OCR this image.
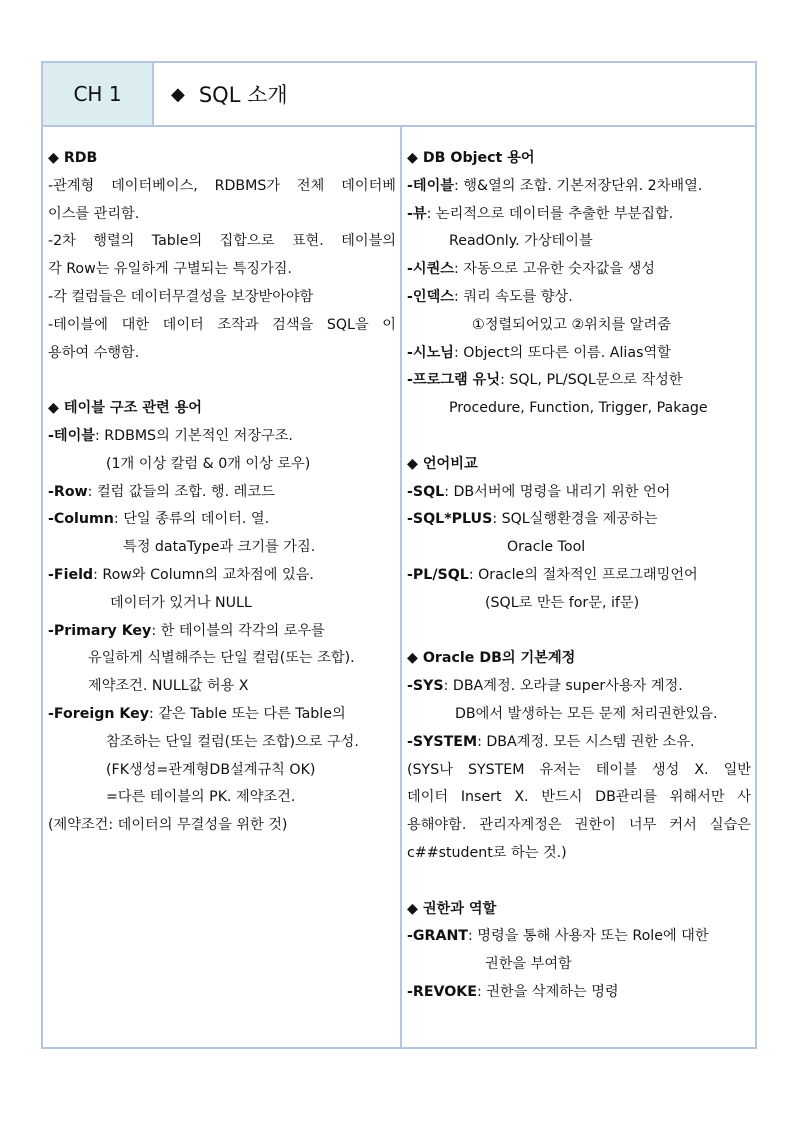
CH 1	◆ SQL 소개
◆ RDB
-관계형 데이터베이스, RDBMS가 전체 데이터베
이스를 관리함.
-2차 행렬의 Table의 집합으로 표현. 테이블의
각 Row는 유일하게 구별되는 특징가짐.
-각 컬럼들은 데이터무결성을 보장받아야함
-테이블에 대한 데이터 조작과 검색을 SQL을 이
용하여 수행함.
◆ 테이블 구조 관련 용어
-테이블: RDBMS의 기본적인 저장구조.
(1개 이상 칼럼 & 0개 이상 로우)
-Row: 컬럼 값들의 조합. 행. 레코드
-Column: 단일 종류의 데이터. 열.
특정 dataType과 크기를 가짐.
-Field: Row와 Column의 교차점에 있음.
데이터가 있거나 NULL
-Primary Key: 한 테이블의 각각의 로우를
유일하게 식별해주는 단일 컬럼(또는 조합).
제약조건. NULL값 허용 X
-Foreign Key: 같은 Table 또는 다른 Table의
참조하는 단일 컬럼(또는 조합)으로 구성.
(FK생성=관계형DB설계규칙 OK)
=다른 테이블의 PK. 제약조건.
(제약조건: 데이터의 무결성을 위한 것)
◆ DB Object 용어
-테이블: 행&열의 조합. 기본저장단위. 2차배열.
-뷰: 논리적으로 데이터를 추출한 부분집합.
ReadOnly. 가상테이블
-시퀀스: 자동으로 고유한 숫자값을 생성
-인덱스: 쿼리 속도를 향상.
①정렬되어있고 ②위치를 알려줌
-시노님: Object의 또다른 이름. Alias역할
-프로그램 유닛: SQL, PL/SQL문으로 작성한
Procedure, Function, Trigger, Pakage
◆ 언어비교
-SQL: DB서버에 명령을 내리기 위한 언어
-SQL*PLUS: SQL실행환경을 제공하는
Oracle Tool
-PL/SQL: Oracle의 절차적인 프로그래밍언어
(SQL로 만든 for문, if문)
◆ Oracle DB의 기본계정
-SYS: DBA계정. 오라클 super사용자 계정.
DB에서 발생하는 모든 문제 처리권한있음.
-SYSTEM: DBA계정. 모든 시스템 권한 소유.
(SYS나 SYSTEM 유저는 테이블 생성 X. 일반
데이터 Insert X. 반드시 DB관리를 위해서만 사
용해야함. 관리자계정은 권한이 너무 커서 실습은
c##student로 하는 것.)
◆ 권한과 역할
-GRANT: 명령을 통해 사용자 또는 Role에 대한
권한을 부여함
-REVOKE: 권한을 삭제하는 명령
